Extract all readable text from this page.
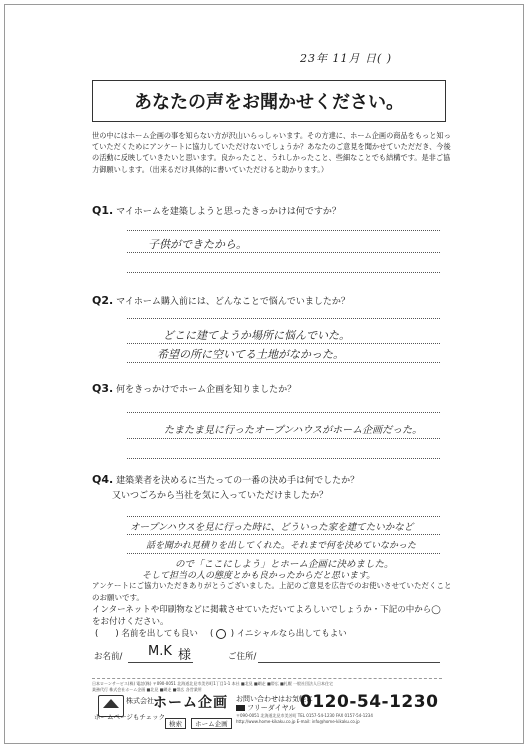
23年 11月 日( )
あなたの声をお聞かせください。
世の中にはホーム企画の事を知らない方が沢山いらっしゃいます。その方達に、ホーム企画の商品をもっと知っていただくためにアンケートに協力していただけないでしょうか？あなたのご意見を聞かせていただだき、今後の活動に反映していきたいと思います。良かったこと、うれしかったこと、些細なことでも結構です。是非ご協力御願いします。（出来るだけ具体的に書いていただけると助かります。）
Q1. マイホームを建築しようと思ったきっかけは何ですか？
子供ができたから。
Q2. マイホーム購入前には、どんなことで悩んでいましたか？
どこに建てようか場所に悩んでいた。
希望の所に空いてる土地がなかった。
Q3. 何をきっかけでホーム企画を知りましたか？
たまたま見に行ったオープンハウスがホーム企画だった。
Q4. 建築業者を決めるに当たっての一番の決め手は何でしたか？
又いつごろから当社を気に入っていただけましたか？
オープンハウスを見に行った時に、どういった家を建てたいかなど
話を聞かれ見積りを出してくれた。それまで何を決めていなかった
ので「ここにしよう」とホーム企画に決めました。
そして担当の人の態度とかも良かったからだと思います。
アンケートにご協力いただきありがとうございました。上記のご意見を広告でのお使いさせていただくことのお願いです。
インターネットや印刷物などに掲載させていただいてよろしいでしょうか・下記の中から◯
をお付けください。
(　　) 名前を出しても良い ( ) イニシャルなら出してもよい
お名前/ M.K 様	ご住所/
日本ローンサービス(株) 電話(株) 〒090-0051 北海道北見市美芳町1丁目1-1 本社 ■北見 ■網走 ■帯広 ■札幌 一般社団法人日本住宅
業務代行 株式会社ホーム企画 ■北見 ■網走 ■帯広 各営業所
株式会社 ホーム企画 お問い合わせはお気軽に
フリーダイヤル 0120-54-1230
ホームページもチェック
検索 ホーム企画
〒090-0051 北海道北見市美芳町 TEL 0157-54-1230 FAX 0157-54-1234
http://www.home-kikaku.co.jp E-mail: info@home-kikaku.co.jp
